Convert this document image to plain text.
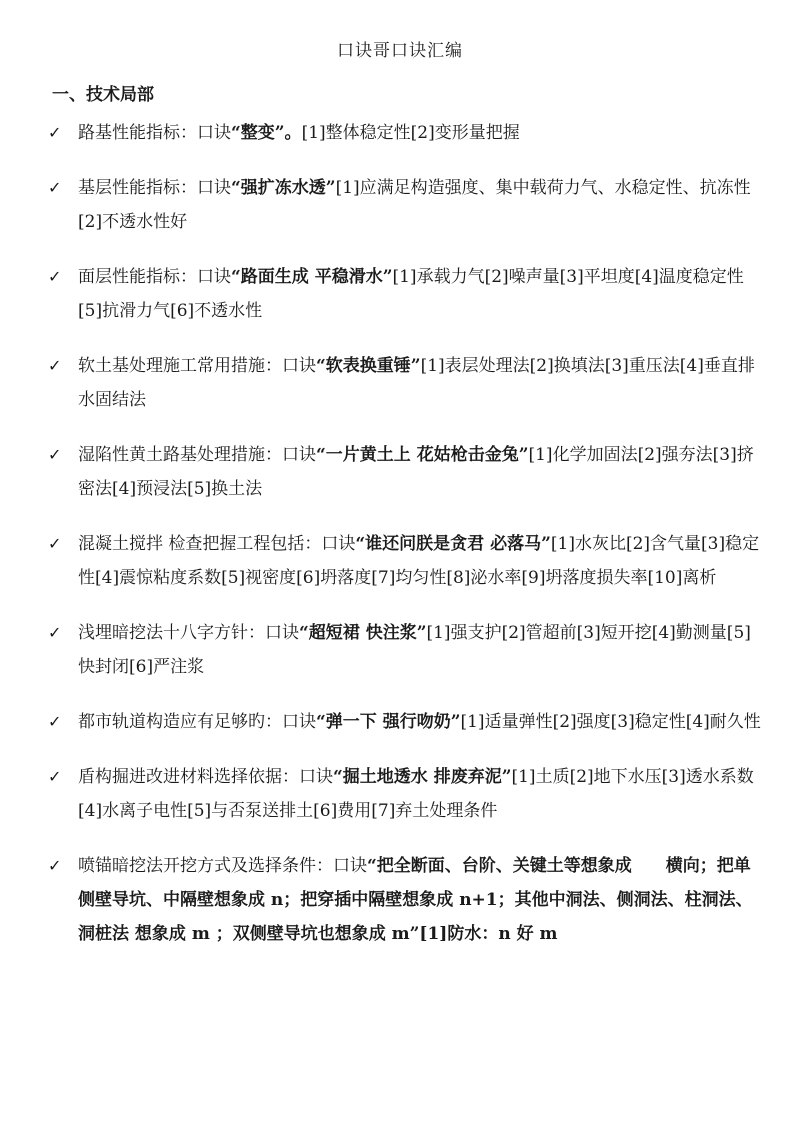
口诀哥口诀汇编
一、技术局部
✓ 路基性能指标：口诀“整变”。[1]整体稳定性[2]变形量把握
✓ 基层性能指标：口诀“强扩冻水透”[1]应满足构造强度、集中载荷力气、水稳定性、抗冻性[2]不透水性好
✓ 面层性能指标：口诀“路面生成 平稳滑水”[1]承载力气[2]噪声量[3]平坦度[4]温度稳定性[5]抗滑力气[6]不透水性
✓ 软土基处理施工常用措施：口诀“软表换重锤”[1]表层处理法[2]换填法[3]重压法[4]垂直排水固结法
✓ 湿陷性黄土路基处理措施：口诀“一片黄土上 花姑枪击金兔”[1]化学加固法[2]强夯法[3]挤密法[4]预浸法[5]换土法
✓ 混凝土搅拌 检查把握工程包括：口诀“谁还问朕是贪君 必落马”[1]水灰比[2]含气量[3]稳定性[4]震惊粘度系数[5]视密度[6]坍落度[7]均匀性[8]泌水率[9]坍落度损失率[10]离析
✓ 浅埋暗挖法十八字方针：口诀“超短裙 快注浆”[1]强支护[2]管超前[3]短开挖[4]勤测量[5]快封闭[6]严注浆
✓ 都市轨道构造应有足够旳：口诀“弹一下 强行吻奶”[1]适量弹性[2]强度[3]稳定性[4]耐久性
✓ 盾构掘进改进材料选择依据：口诀“掘土地透水 排废弃泥”[1]土质[2]地下水压[3]透水系数[4]水离子电性[5]与否泵送排土[6]费用[7]弃土处理条件
✓ 喷锚暗挖法开挖方式及选择条件：口诀“把全断面、台阶、关键土等想象成　　横向；把单侧壁导坑、中隔壁想象成 n；把穿插中隔壁想象成 n+1；其他中洞法、侧洞法、柱洞法、洞桩法 想象成 m ；双侧壁导坑也想象成 m”[1]防水：n 好 m
